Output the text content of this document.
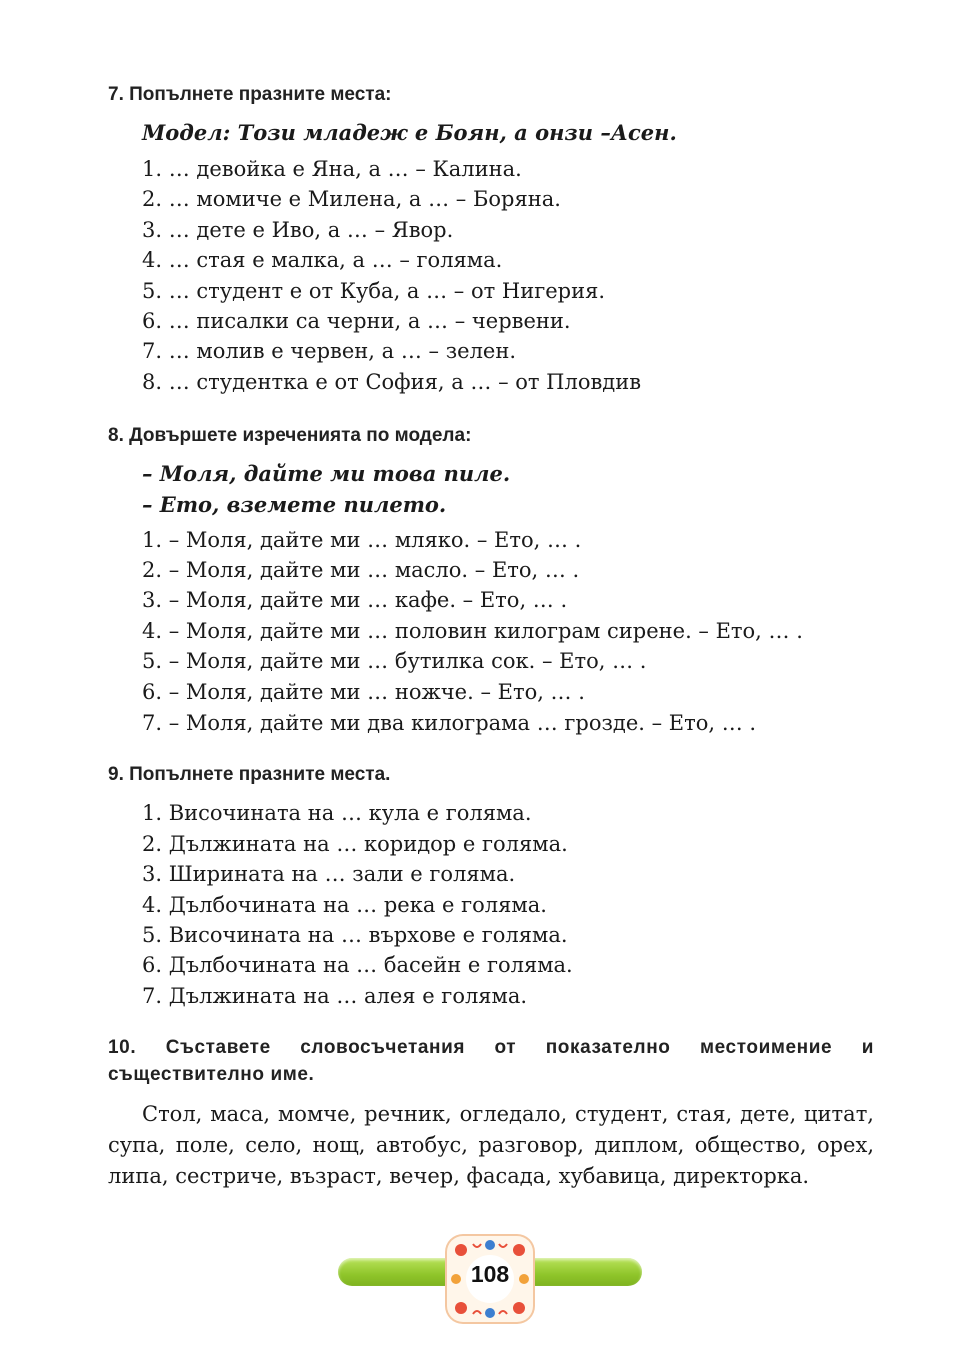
7. Попълнете празните места:
Модел: Този младеж е Боян, а онзи –Асен.
1. … девойка е Яна, а … – Калина.
2. … момиче е Милена, а … – Боряна.
3. … дете е Иво, а … – Явор.
4. … стая е малка, а … – голяма.
5. … студент е от Куба, а … – от Нигерия.
6. … писалки са черни, а … – червени.
7. … молив е червен, а … – зелен.
8. … студентка е от София, а … – от Пловдив
8. Довършете изреченията по модела:
– Моля, дайте ми това пиле.
– Ето, вземете пилето.
1. – Моля, дайте ми … мляко. – Ето, … .
2. – Моля, дайте ми … масло. – Ето, … .
3. – Моля, дайте ми … кафе. – Ето, … .
4. – Моля, дайте ми … половин килограм сирене. – Ето, … .
5. – Моля, дайте ми … бутилка сок. – Ето, … .
6. – Моля, дайте ми … ножче. – Ето, … .
7. – Моля, дайте ми два килограма … грозде. – Ето, … .
9. Попълнете празните места.
1. Височината на … кула е голяма.
2. Дължината на … коридор е голяма.
3. Ширината на … зали е голяма.
4. Дълбочината на … река е голяма.
5. Височината на … върхове е голяма.
6. Дълбочината на … басейн е голяма.
7. Дължината на … алея е голяма.
10. Съставете словосъчетания от показателно местоимение и съществително име.
Стол, маса, момче, речник, огледало, студент, стая, дете, цитат, супа, поле, село, нощ, автобус, разговор, диплом, общество, орех, липа, сестриче, възраст, вечер, фасада, хубавица, директорка.
108
